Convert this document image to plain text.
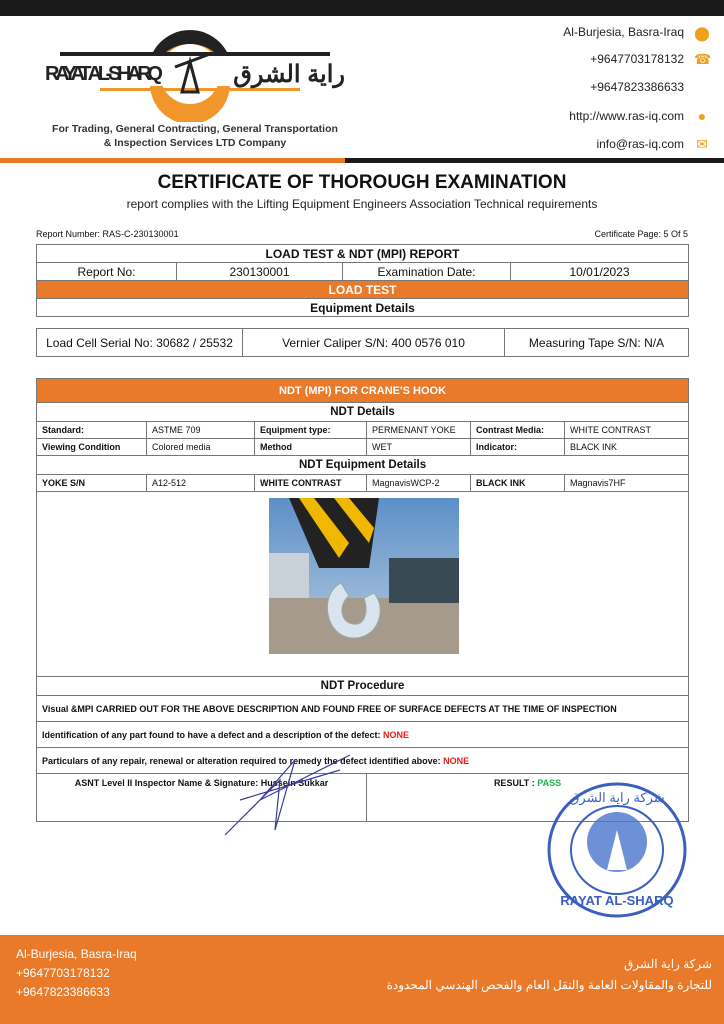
RAYAT AL-SHARQ	راية الشرق
For Trading, General Contracting, General Transportation
& Inspection Services LTD Company
Al-Burjesia, Basra-Iraq ⬤
+9647703178132 ☎
+9647823386633
http://www.ras-iq.com ●
info@ras-iq.com ✉
CERTIFICATE OF THOROUGH EXAMINATION
report complies with the Lifting Equipment Engineers Association Technical requirements
Report Number: RAS-C-230130001	Certificate Page: 5 Of 5
LOAD TEST & NDT (MPI) REPORT
Report No:	230130001	Examination Date:	10/01/2023
LOAD TEST
Equipment Details
Load Cell Serial No: 30682 / 25532	Vernier Caliper S/N: 400 0576 010	Measuring Tape S/N: N/A
NDT (MPI) FOR CRANE'S HOOK					
NDT Details					
Standard:	ASTME 709	Equipment type:	PERMENANT YOKE	Contrast Media:	WHITE CONTRAST
Viewing Condition	Colored media	Method	WET	Indicator:	BLACK INK
NDT Equipment Details					
YOKE S/N	A12-512	WHITE CONTRAST	MagnavisWCP-2	BLACK INK	Magnavis7HF

NDT Procedure					
Visual &MPI CARRIED OUT FOR THE ABOVE DESCRIPTION AND FOUND FREE OF SURFACE DEFECTS AT THE TIME OF INSPECTION					
Identification of any part found to have a defect and a description of the defect: NONE					
Particulars of any repair, renewal or alteration required to remedy the defect identified above: NONE					
ASNT Level II Inspector Name & Signature: Hussein Sukkar			RESULT : PASS		
RAYAT AL-SHARQ
شركة راية الشرق
Al-Burjesia, Basra-Iraq
+9647703178132
+9647823386633
شركة راية الشرق
للتجارة والمقاولات العامة والنقل العام والفحص الهندسي المحدودة
